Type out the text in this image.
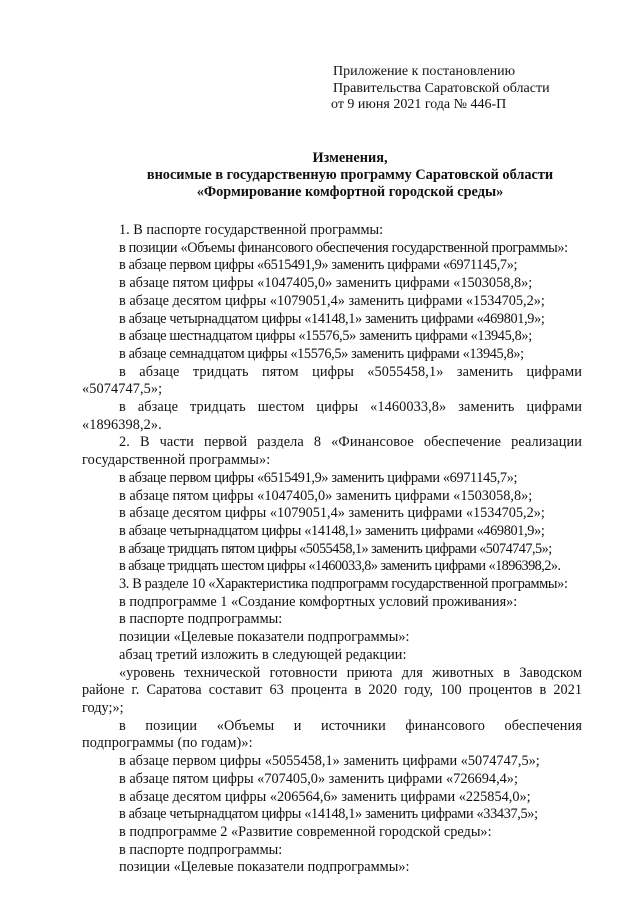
Приложение к постановлению
Правительства Саратовской области
от 9 июня 2021 года № 446-П
Изменения,
вносимые в государственную программу Саратовской области
«Формирование комфортной городской среды»

1. В паспорте государственной программы:

в позиции «Объемы финансового обеспечения государственной программы»:

в абзаце первом цифры «6515491,9» заменить цифрами «6971145,7»;

в абзаце пятом цифры «1047405,0» заменить цифрами «1503058,8»;

в абзаце десятом цифры «1079051,4» заменить цифрами «1534705,2»;

в абзаце четырнадцатом цифры «14148,1» заменить цифрами «469801,9»;

в абзаце шестнадцатом цифры «15576,5» заменить цифрами «13945,8»;

в абзаце семнадцатом цифры «15576,5» заменить цифрами «13945,8»;

в абзаце тридцать пятом цифры «5055458,1» заменить цифрами «5074747,5»;

в абзаце тридцать шестом цифры «1460033,8» заменить цифрами «1896398,2».

2. В части первой раздела 8 «Финансовое обеспечение реализации государственной программы»:

в абзаце первом цифры «6515491,9» заменить цифрами «6971145,7»;

в абзаце пятом цифры «1047405,0» заменить цифрами «1503058,8»;

в абзаце десятом цифры «1079051,4» заменить цифрами «1534705,2»;

в абзаце четырнадцатом цифры «14148,1» заменить цифрами «469801,9»;

в абзаце тридцать пятом цифры «5055458,1» заменить цифрами «5074747,5»;

в абзаце тридцать шестом цифры «1460033,8» заменить цифрами «1896398,2».

3. В разделе 10 «Характеристика подпрограмм государственной программы»:

в подпрограмме 1 «Создание комфортных условий проживания»:

в паспорте подпрограммы:

позиции «Целевые показатели подпрограммы»:

абзац третий изложить в следующей редакции:

«уровень технической готовности приюта для животных в Заводском районе г. Саратова составит 63 процента в 2020 году, 100 процентов в 2021 году;»;

в позиции «Объемы и источники финансового обеспечения подпрограммы (по годам)»:

в абзаце первом цифры «5055458,1» заменить цифрами «5074747,5»;

в абзаце пятом цифры «707405,0» заменить цифрами «726694,4»;

в абзаце десятом цифры «206564,6» заменить цифрами «225854,0»;

в абзаце четырнадцатом цифры «14148,1» заменить цифрами «33437,5»;

в подпрограмме 2 «Развитие современной городской среды»:

в паспорте подпрограммы:

позиции «Целевые показатели подпрограммы»:
